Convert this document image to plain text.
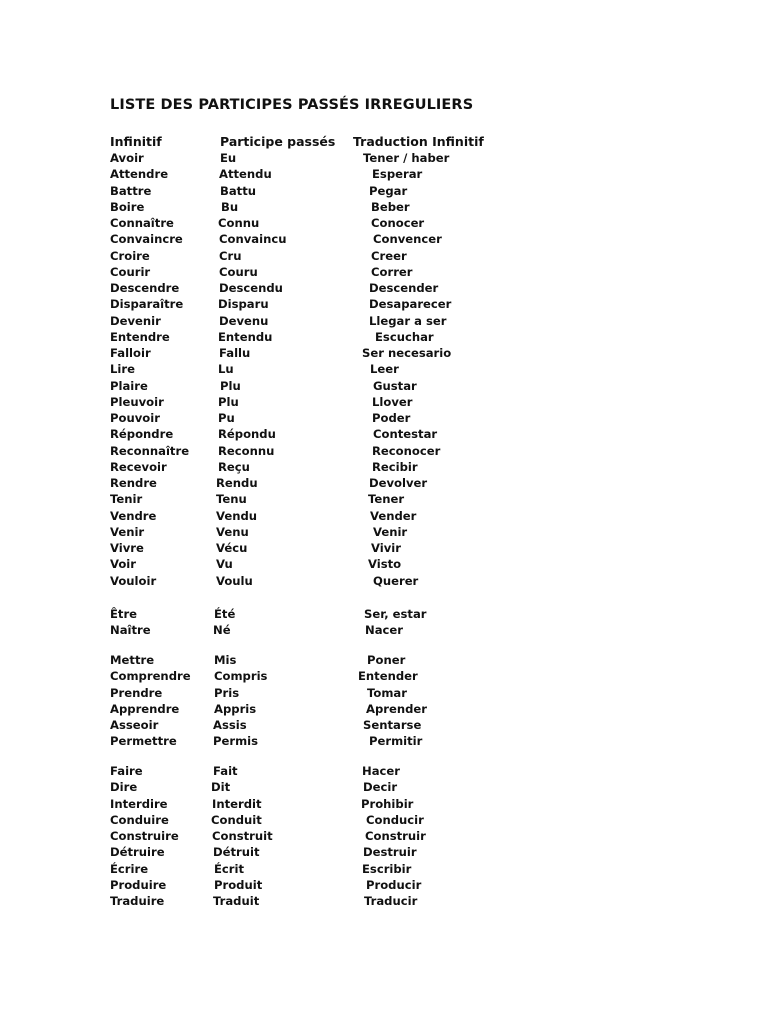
LISTE DES PARTICIPES PASSÉS IRREGULIERS
Infinitif	Participe passés Traduction Infinitif
Avoir	Eu	Tener / haber
Attendre	Attendu	Esperar
Battre	Battu	Pegar
Boire	Bu	Beber
Connaître	Connu	Conocer
Convaincre	Convaincu	Convencer
Croire	Cru	Creer
Courir	Couru	Correr
Descendre	Descendu	Descender
Disparaître	Disparu	Desaparecer
Devenir	Devenu	Llegar a ser
Entendre	Entendu	Escuchar
Falloir	Fallu	Ser necesario
Lire	Lu	Leer
Plaire	Plu	Gustar
Pleuvoir	Plu	Llover
Pouvoir	Pu	Poder
Répondre	Répondu	Contestar
Reconnaître Reconnu	Reconocer
Recevoir	Reçu	Recibir
Rendre	Rendu	Devolver
Tenir	Tenu	Tener
Vendre	Vendu	Vender
Venir	Venu	Venir
Vivre	Vécu	Vivir
Voir	Vu	Visto
Vouloir	Voulu	Querer
Être	Été	Ser, estar
Naître	Né	Nacer
Mettre	Mis	Poner
Comprendre Compris	Entender
Prendre	Pris	Tomar
Apprendre	Appris	Aprender
Asseoir	Assis	Sentarse
Permettre	Permis	Permitir
Faire	Fait	Hacer
Dire	Dit	Decir
Interdire	Interdit	Prohibir
Conduire	Conduit	Conducir
Construire	Construit	Construir
Détruire	Détruit	Destruir
Écrire	Écrit	Escribir
Produire	Produit	Producir
Traduire	Traduit	Traducir
